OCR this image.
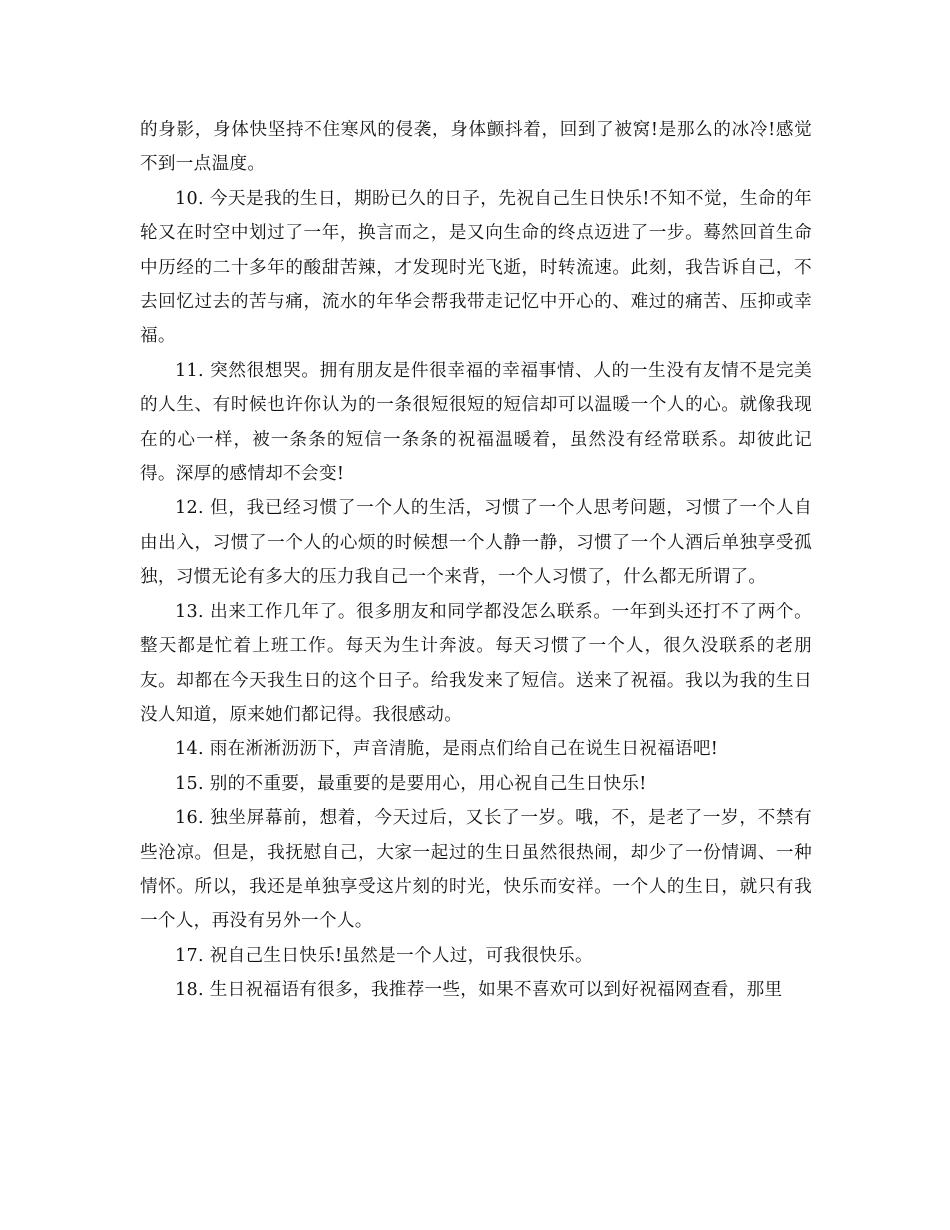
的身影，身体快坚持不住寒风的侵袭，身体颤抖着，回到了被窝!是那么的冰冷!感觉不到一点温度。

10. 今天是我的生日，期盼已久的日子，先祝自己生日快乐!不知不觉，生命的年轮又在时空中划过了一年，换言而之，是又向生命的终点迈进了一步。蓦然回首生命中历经的二十多年的酸甜苦辣，才发现时光飞逝，时转流速。此刻，我告诉自己，不去回忆过去的苦与痛，流水的年华会帮我带走记忆中开心的、难过的痛苦、压抑或幸福。

11. 突然很想哭。拥有朋友是件很幸福的幸福事情、人的一生没有友情不是完美的人生、有时候也许你认为的一条很短很短的短信却可以温暖一个人的心。就像我现在的心一样，被一条条的短信一条条的祝福温暖着，虽然没有经常联系。却彼此记得。深厚的感情却不会变!

12. 但，我已经习惯了一个人的生活，习惯了一个人思考问题，习惯了一个人自由出入，习惯了一个人的心烦的时候想一个人静一静，习惯了一个人酒后单独享受孤独，习惯无论有多大的压力我自己一个来背，一个人习惯了，什么都无所谓了。

13. 出来工作几年了。很多朋友和同学都没怎么联系。一年到头还打不了两个。整天都是忙着上班工作。每天为生计奔波。每天习惯了一个人，很久没联系的老朋友。却都在今天我生日的这个日子。给我发来了短信。送来了祝福。我以为我的生日没人知道，原来她们都记得。我很感动。

14. 雨在淅淅沥沥下，声音清脆，是雨点们给自己在说生日祝福语吧!

15. 别的不重要，最重要的是要用心，用心祝自己生日快乐!

16. 独坐屏幕前，想着，今天过后，又长了一岁。哦，不，是老了一岁，不禁有些沧凉。但是，我抚慰自己，大家一起过的生日虽然很热闹，却少了一份情调、一种情怀。所以，我还是单独享受这片刻的时光，快乐而安祥。一个人的生日，就只有我一个人，再没有另外一个人。

17. 祝自己生日快乐!虽然是一个人过，可我很快乐。

18. 生日祝福语有很多，我推荐一些，如果不喜欢可以到好祝福网查看，那里
